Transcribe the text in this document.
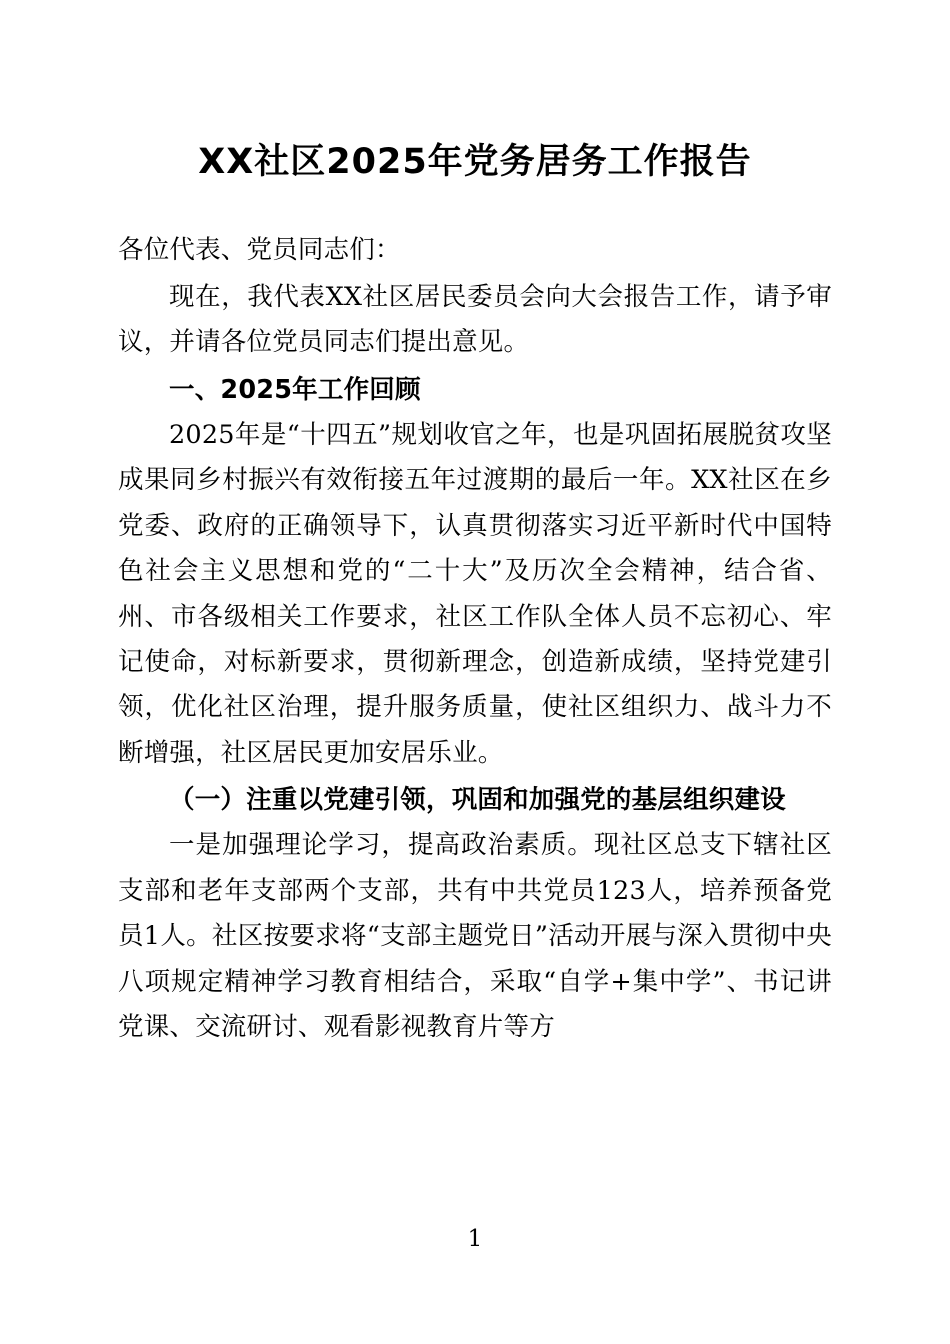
XX社区2025年党务居务工作报告

各位代表、党员同志们：

现在，我代表XX社区居民委员会向大会报告工作，请予审议，并请各位党员同志们提出意见。

一、2025年工作回顾

2025年是“十四五”规划收官之年，也是巩固拓展脱贫攻坚成果同乡村振兴有效衔接五年过渡期的最后一年。XX社区在乡党委、政府的正确领导下，认真贯彻落实习近平新时代中国特色社会主义思想和党的“二十大”及历次全会精神，结合省、州、市各级相关工作要求，社区工作队全体人员不忘初心、牢记使命，对标新要求，贯彻新理念，创造新成绩，坚持党建引领，优化社区治理，提升服务质量，使社区组织力、战斗力不断增强，社区居民更加安居乐业。

（一）注重以党建引领，巩固和加强党的基层组织建设

一是加强理论学习，提高政治素质。现社区总支下辖社区支部和老年支部两个支部，共有中共党员123人，培养预备党员1人。社区按要求将“支部主题党日”活动开展与深入贯彻中央八项规定精神学习教育相结合，采取“自学+集中学”、书记讲党课、交流研讨、观看影视教育片等方

1
